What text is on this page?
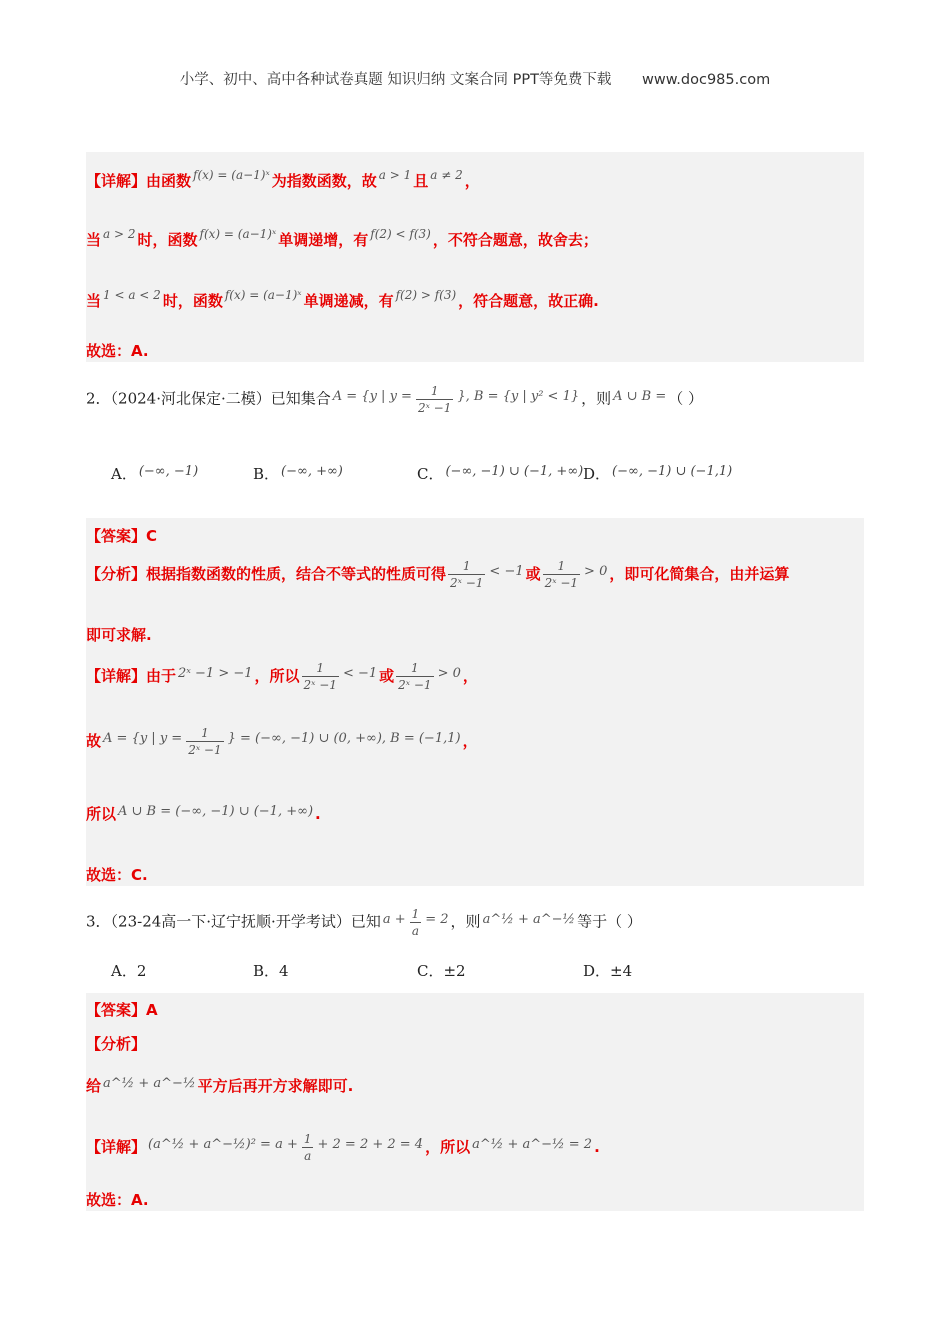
小学、初中、高中各种试卷真题 知识归纳 文案合同 PPT等免费下载 www.doc985.com
【详解】由函数 $^{f(x) = (a-1)ˣ}$ 为指数函数，故 $^{a > 1}$ 且 $^{a \ne 2}$ ，
当 $^{a > 2}$ 时，函数 $^{f(x) = (a-1)ˣ}$ 单调递增，有 $^{f(2) < f(3)}$ ，不符合题意，故舍去；
当 $^{1 < a < 2}$ 时，函数 $^{f(x) = (a-1)ˣ}$ 单调递减，有 $^{f(2) > f(3)}$ ，符合题意，故正确.
故选：A.
2．（2024·河北保定·二模）已知集合 A = {y | $y = \frac{1}{\text{2ˣ −1}}$ }, B = {y | y² < 1} ，则 A ∪ B = （ ）
A． (−∞, −1)	B． (−∞, +∞)	C． (−∞, −1) ∪ (−1, +∞) D． (−∞, −1) ∪ (−1,1)
【答案】C
【分析】根据指数函数的性质，结合不等式的性质可得 $\frac{1}{\text{2ˣ −1}} < -1$ 或 $\frac{1}{\text{2ˣ −1}} > 0$ ，即可化简集合，由并运算
即可求解.
【详解】由于 2ˣ −1 > −1 ，所以 $\frac{1}{\text{2ˣ −1}} < -1$ 或 $\frac{1}{\text{2ˣ −1}} > 0$ ，
故 A = {y | $y = \frac{1}{\text{2ˣ −1}}$ } = (−∞, −1) ∪ (0, +∞), B = (−1,1) ，
所以 A ∪ B = (−∞, −1) ∪ (−1, +∞) .
故选：C.
3．（23-24高一下·辽宁抚顺·开学考试）已知 $a + \frac{1}{a} = 2$ ，则 a^½ + a^−½ 等于（ ）
A．2	B．4	C．±2	D．±4
【答案】A
【分析】
给 a^½ + a^−½ 平方后再开方求解即可.
【详解】 (a^½ + a^−½)² = $a + \frac{1}{a} + 2 = 2 + 2 = 4$ ，所以 a^½ + a^−½ = 2 .
故选：A.
